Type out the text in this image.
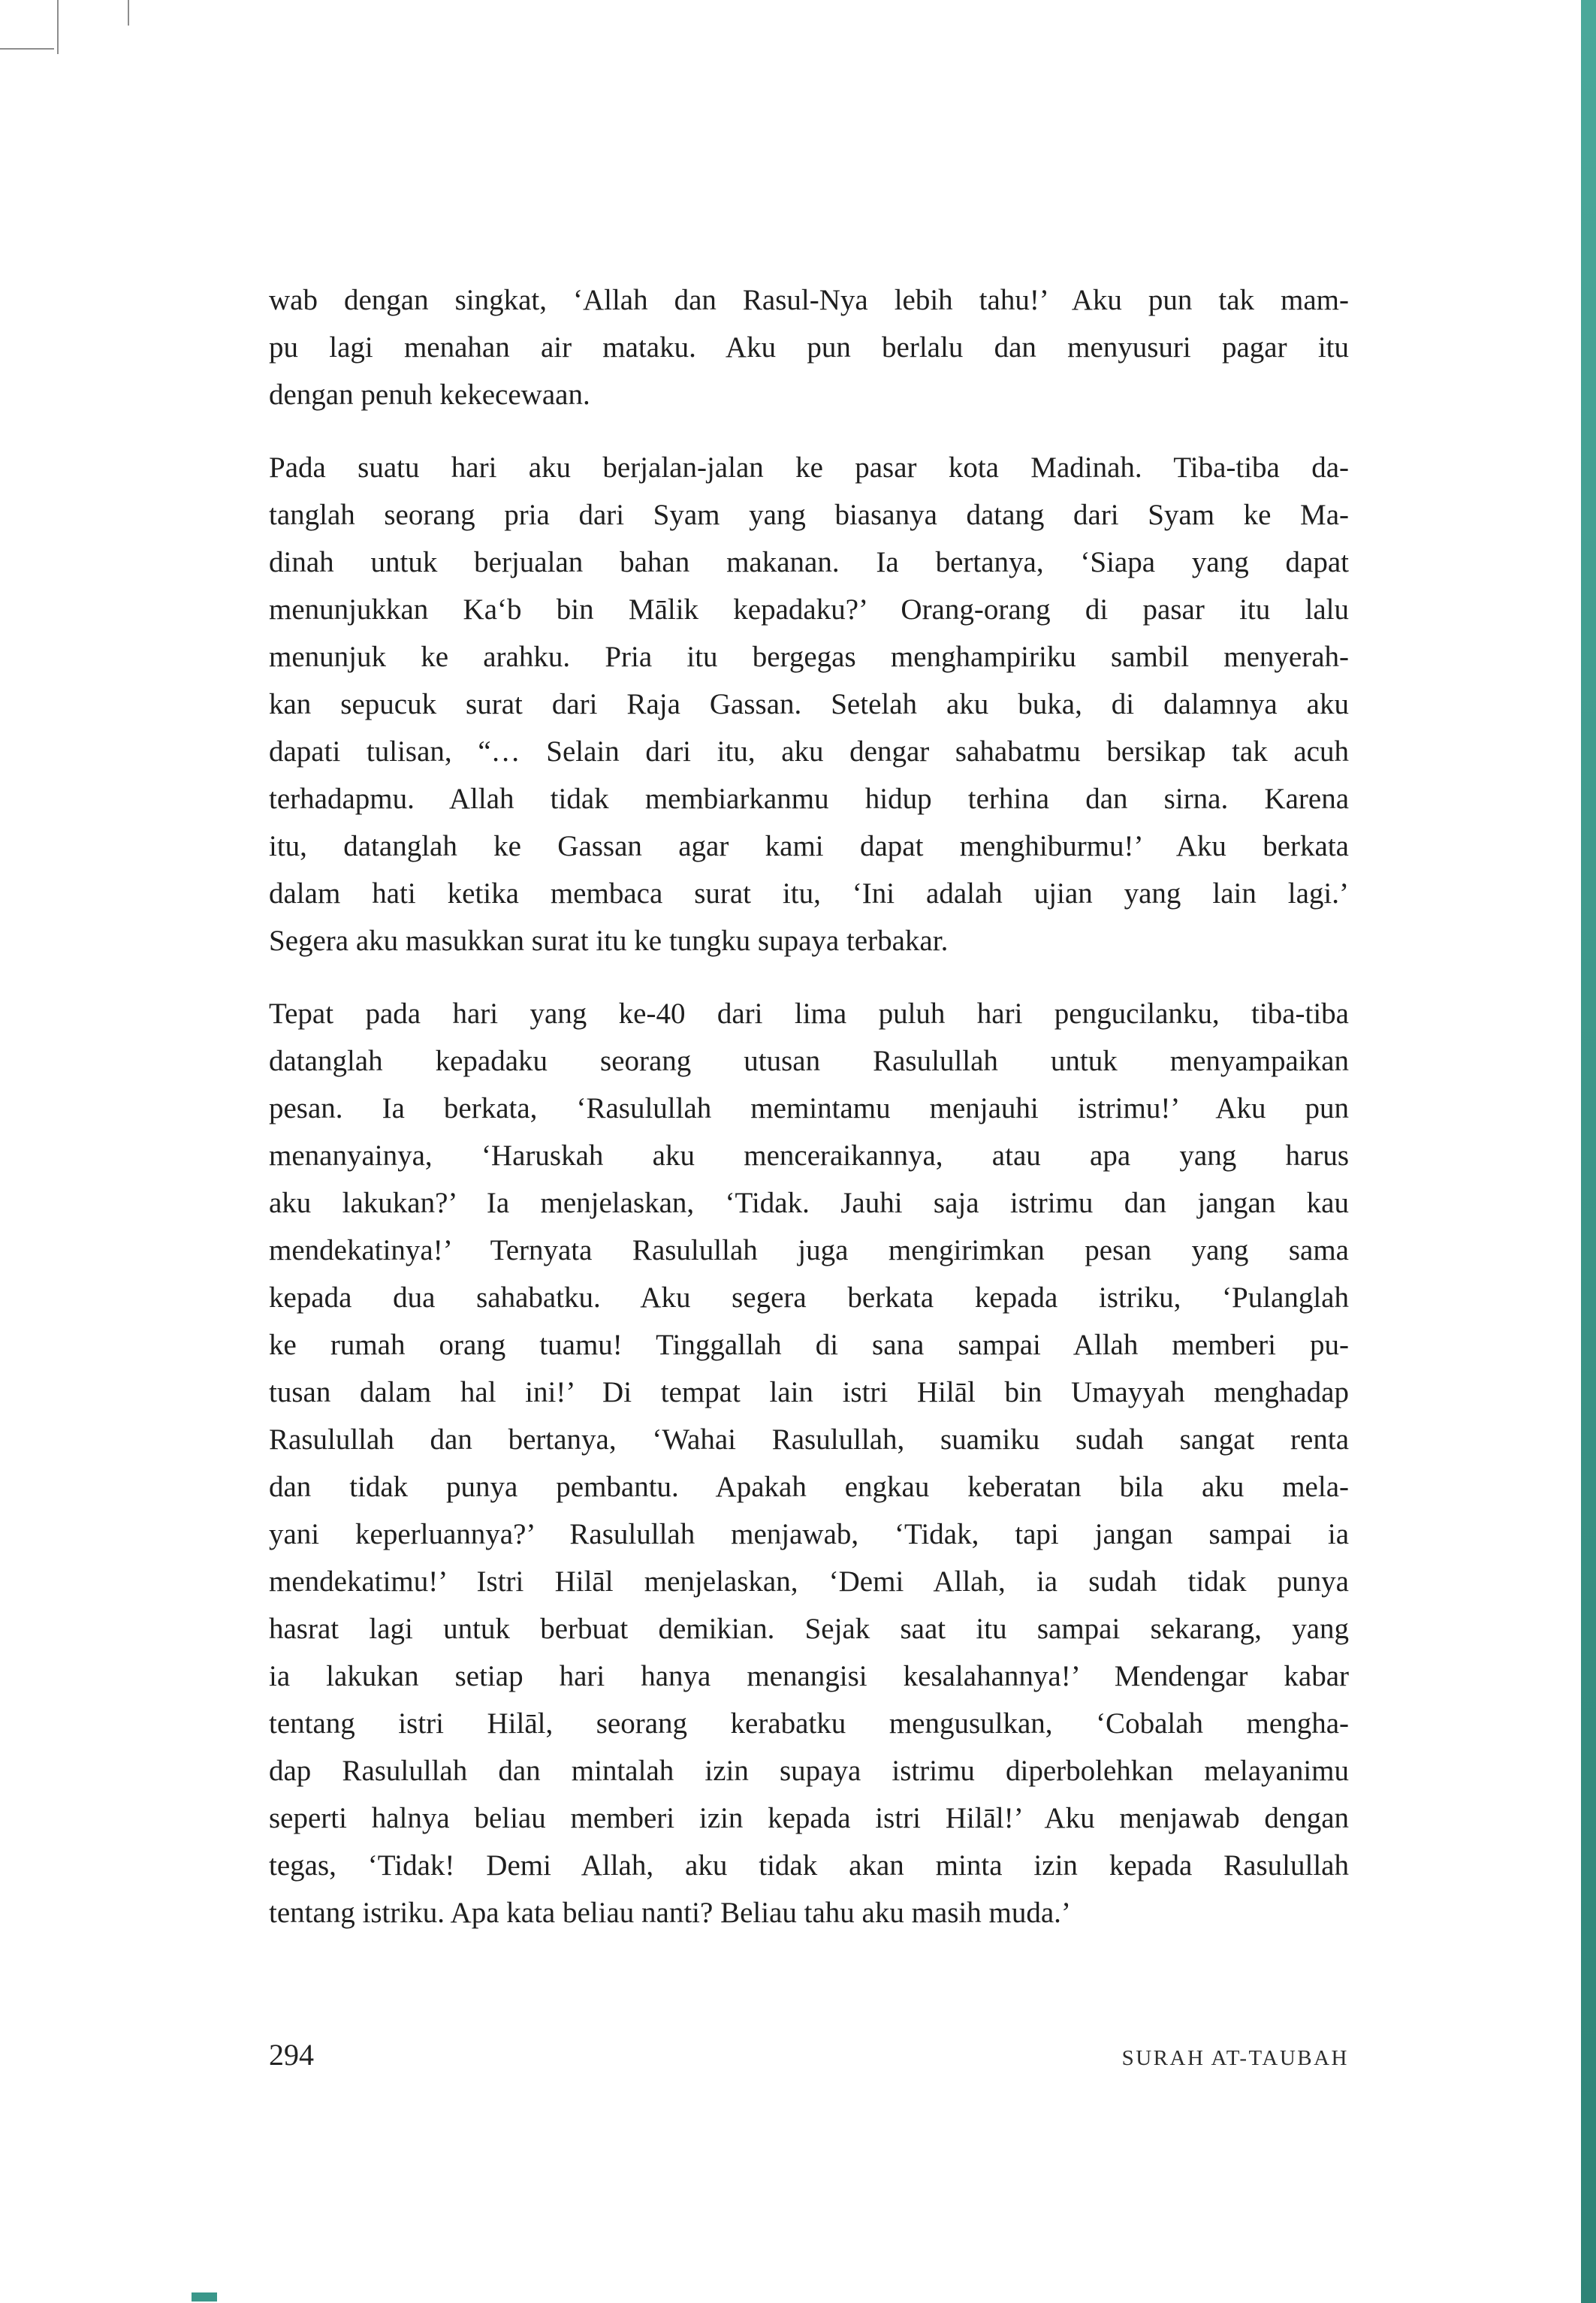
wab dengan singkat, ‘Allah dan Rasul-Nya lebih tahu!’ Aku pun tak mam-
pu lagi menahan air mataku. Aku pun berlalu dan menyusuri pagar itu
dengan penuh kekecewaan.
Pada suatu hari aku berjalan-jalan ke pasar kota Madinah. Tiba-tiba da-
tanglah seorang pria dari Syam yang biasanya datang dari Syam ke Ma-
dinah untuk berjualan bahan makanan. Ia bertanya, ‘Siapa yang dapat
menunjukkan Ka‘b bin Mālik kepadaku?’ Orang-orang di pasar itu lalu
menunjuk ke arahku. Pria itu bergegas menghampiriku sambil menyerah-
kan sepucuk surat dari Raja Gassan. Setelah aku buka, di dalamnya aku
dapati tulisan, “… Selain dari itu, aku dengar sahabatmu bersikap tak acuh
terhadapmu. Allah tidak membiarkanmu hidup terhina dan sirna. Karena
itu, datanglah ke Gassan agar kami dapat menghiburmu!’ Aku berkata
dalam hati ketika membaca surat itu, ‘Ini adalah ujian yang lain lagi.’
Segera aku masukkan surat itu ke tungku supaya terbakar.
Tepat pada hari yang ke-40 dari lima puluh hari pengucilanku, tiba-tiba
datanglah kepadaku seorang utusan Rasulullah untuk menyampaikan
pesan. Ia berkata, ‘Rasulullah memintamu menjauhi istrimu!’ Aku pun
menanyainya, ‘Haruskah aku menceraikannya, atau apa yang harus
aku lakukan?’ Ia menjelaskan, ‘Tidak. Jauhi saja istrimu dan jangan kau
mendekatinya!’ Ternyata Rasulullah juga mengirimkan pesan yang sama
kepada dua sahabatku. Aku segera berkata kepada istriku, ‘Pulanglah
ke rumah orang tuamu! Tinggallah di sana sampai Allah memberi pu-
tusan dalam hal ini!’ Di tempat lain istri Hilāl bin Umayyah menghadap
Rasulullah dan bertanya, ‘Wahai Rasulullah, suamiku sudah sangat renta
dan tidak punya pembantu. Apakah engkau keberatan bila aku mela-
yani keperluannya?’ Rasulullah menjawab, ‘Tidak, tapi jangan sampai ia
mendekatimu!’ Istri Hilāl menjelaskan, ‘Demi Allah, ia sudah tidak punya
hasrat lagi untuk berbuat demikian. Sejak saat itu sampai sekarang, yang
ia lakukan setiap hari hanya menangisi kesalahannya!’ Mendengar kabar
tentang istri Hilāl, seorang kerabatku mengusulkan, ‘Cobalah mengha-
dap Rasulullah dan mintalah izin supaya istrimu diperbolehkan melayanimu
seperti halnya beliau memberi izin kepada istri Hilāl!’ Aku menjawab dengan
tegas, ‘Tidak! Demi Allah, aku tidak akan minta izin kepada Rasulullah
tentang istriku. Apa kata beliau nanti? Beliau tahu aku masih muda.’
294	SURAH AT-TAUBAH
